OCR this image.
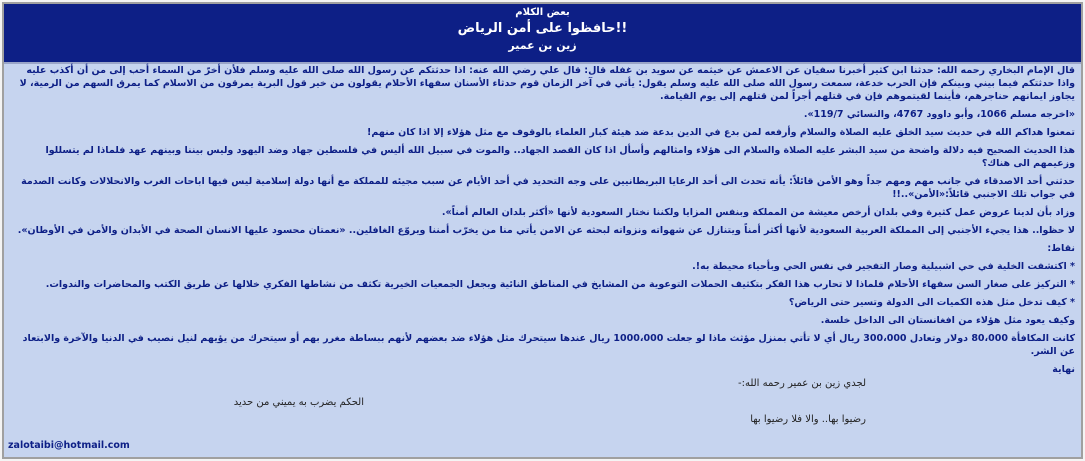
بعض الكلام
حافظوا على أمن الرياض!!
زين بن عمير

قال الإمام البخاري رحمه الله: حدثنا ابن كثير أخبرنا سفيان عن الاعمش عن خيثمه عن سويد بن غفله قال: قال علي رضي الله عنه: اذا حدثتكم عن رسول الله صلى الله عليه وسلم فلأن أخرّ من السماء أحب إلى من أن أكذب عليه واذا حدثتكم فيما بيني وبينكم فإن الحرب خدعة، سمعت رسول الله صلى الله عليه وسلم يقول: يأتي في آخر الزمان قوم حدثاء الأسنان سفهاء الأحلام يقولون من خير قول البرية يمرقون من الاسلام كما يمرق السهم من الرمية، لا يجاوز ايمانهم حناجرهم، فأينما لقيتموهم فإن في قتلهم أجراً لمن قتلهم إلى يوم القيامة.

«اخرجه مسلم 1066، وأبو داوود 4767، والنسائي 119/7».

تمعنوا هداكم الله في حديث سيد الخلق عليه الصلاة والسلام وأرفعه لمن بدع في الدين بدعة ضد هيئة كبار العلماء بالوقوف مع مثل هؤلاء إلا اذا كان منهم!

هذا الحديث الصحيح فيه دلالة واضحة من سيد البشر عليه الصلاة والسلام الى هؤلاء وامثالهم وأسأل اذا كان القصد الجهاد.. والموت في سبيل الله أليس في فلسطين جهاد وضد اليهود وليس بيننا وبينهم عهد فلماذا لم يتسللوا وزعيمهم الى هناك؟

حدثني أحد الاصدقاء في جانب مهم ومهم جداً وهو الأمن قائلاً: يأته تحدث الى أحد الرعايا البريطانيين على وجه التحديد في أحد الأيام عن سبب مجيئه للمملكة مع أنها دولة إسلامية ليس فيها اباحات الغرب والانحلالات وكانت الصدمة في جواب تلك الاجنبي قائلاً:«الأمن»..!!

وزاد بأن لدينا عروض عمل كثيرة وفي بلدان أرخص معيشة من المملكة وبنفس المزايا ولكننا نختار السعودية لأنها «أكثر بلدان العالم أمناً».

لا حظوا.. هذا يجيء الأجنبي إلى المملكة العربية السعودية لأنها أكثر أمناً ويتنازل عن شهواته ونزواته لبحثه عن الامن يأتي منا من يخرّب أمننا ويروّع الغافلين.. «نعمتان محسود عليها الانسان الصحة في الأبدان والأمن في الأوطان».

نقاط:

* اكتشفت الخلية في حي اشبيلية وصار التفجير في نفس الحي وبأحياء محيطة به!.

* التركيز على صغار السن سفهاء الأحلام فلماذا لا تحارب هذا الفكر بتكثيف الحملات التوعوية من المشايخ في المناطق النائية وبجعل الجمعيات الخيرية تكثف من نشاطها الفكري خلالها عن طريق الكتب والمحاضرات والندوات.

* كيف تدخل مثل هذه الكميات الى الدولة وتسير حتى الرياض؟

وكيف يعود مثل هؤلاء من افغانستان الى الداخل خلسة.

كانت المكافأة 80،000 دولار وتعادل 300،000 ريال أي لا تأتي بمنزل مؤثث ماذا لو جعلت 1000،000 ريال عندها سيتحرك مثل هؤلاء ضد بعضهم لأنهم ببساطة مغرر بهم أو سيتحرك من يؤيهم لنيل نصيب في الدنيا والآخرة والابتعاد عن الشر.

نهاية

لجدي زين بن عمير رحمه الله:-
الحكم يضرب به يميني من حديد
رضيوا بها.. والا فلا رضيوا بها
zalotaibi@hotmail.com
